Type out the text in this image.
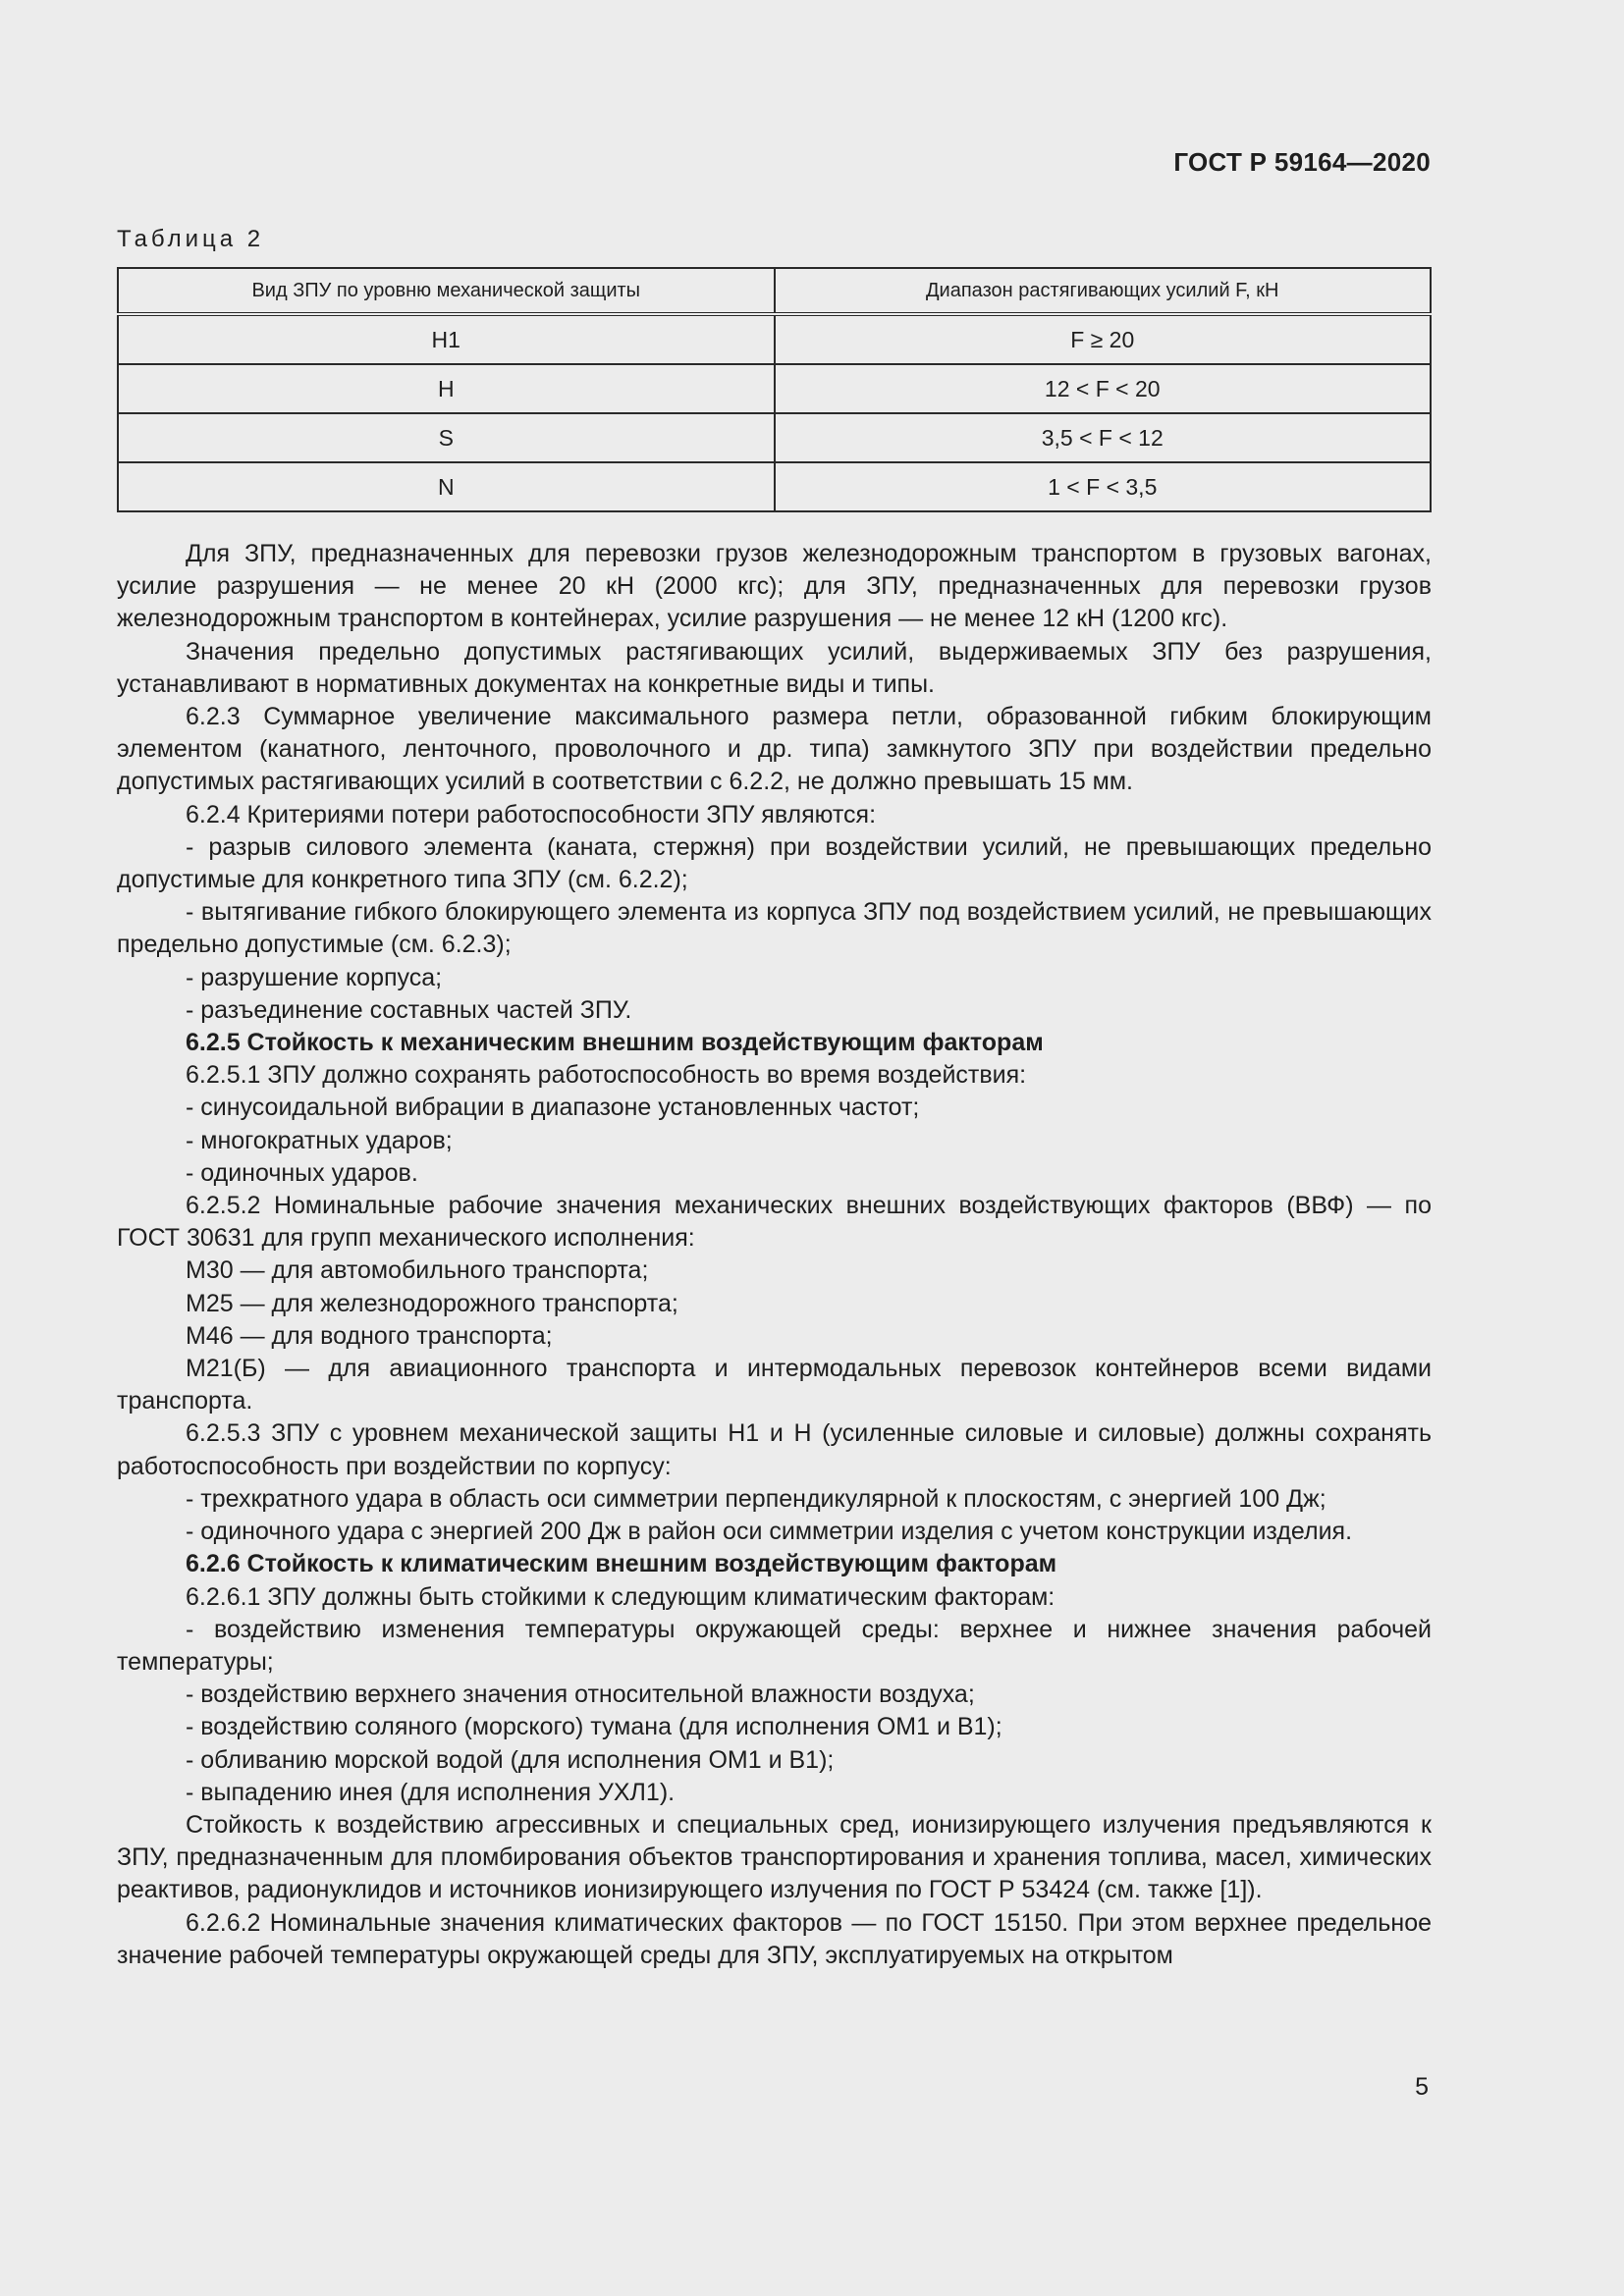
ГОСТ Р 59164—2020
Таблица 2
Вид ЗПУ по уровню механической защиты	Диапазон растягивающих усилий F, кН
Н1	F ≥ 20
Н	12 < F < 20
S	3,5 < F < 12
N	1 < F < 3,5

Для ЗПУ, предназначенных для перевозки грузов железнодорожным транспортом в грузовых вагонах, усилие разрушения — не менее 20 кН (2000 кгс); для ЗПУ, предназначенных для перевозки грузов железнодорожным транспортом в контейнерах, усилие разрушения — не менее 12 кН (1200 кгс).

Значения предельно допустимых растягивающих усилий, выдерживаемых ЗПУ без разрушения, устанавливают в нормативных документах на конкретные виды и типы.

6.2.3 Суммарное увеличение максимального размера петли, образованной гибким блокирующим элементом (канатного, ленточного, проволочного и др. типа) замкнутого ЗПУ при воздействии предельно допустимых растягивающих усилий в соответствии с 6.2.2, не должно превышать 15 мм.

6.2.4 Критериями потери работоспособности ЗПУ являются:

- разрыв силового элемента (каната, стержня) при воздействии усилий, не превышающих предельно допустимые для конкретного типа ЗПУ (см. 6.2.2);

- вытягивание гибкого блокирующего элемента из корпуса ЗПУ под воздействием усилий, не превышающих предельно допустимые (см. 6.2.3);

- разрушение корпуса;

- разъединение составных частей ЗПУ.

6.2.5 Стойкость к механическим внешним воздействующим факторам

6.2.5.1 ЗПУ должно сохранять работоспособность во время воздействия:

- синусоидальной вибрации в диапазоне установленных частот;

- многократных ударов;

- одиночных ударов.

6.2.5.2 Номинальные рабочие значения механических внешних воздействующих факторов (ВВФ) — по ГОСТ 30631 для групп механического исполнения:

М30 — для автомобильного транспорта;

М25 — для железнодорожного транспорта;

М46 — для водного транспорта;

М21(Б) — для авиационного транспорта и интермодальных перевозок контейнеров всеми видами транспорта.

6.2.5.3 ЗПУ с уровнем механической защиты Н1 и Н (усиленные силовые и силовые) должны сохранять работоспособность при воздействии по корпусу:

- трехкратного удара в область оси симметрии перпендикулярной к плоскостям, с энергией 100 Дж;

- одиночного удара с энергией 200 Дж в район оси симметрии изделия с учетом конструкции изделия.

6.2.6 Стойкость к климатическим внешним воздействующим факторам

6.2.6.1 ЗПУ должны быть стойкими к следующим климатическим факторам:

- воздействию изменения температуры окружающей среды: верхнее и нижнее значения рабочей температуры;

- воздействию верхнего значения относительной влажности воздуха;

- воздействию соляного (морского) тумана (для исполнения ОМ1 и В1);

- обливанию морской водой (для исполнения ОМ1 и В1);

- выпадению инея (для исполнения УХЛ1).

Стойкость к воздействию агрессивных и специальных сред, ионизирующего излучения предъявляются к ЗПУ, предназначенным для пломбирования объектов транспортирования и хранения топлива, масел, химических реактивов, радионуклидов и источников ионизирующего излучения по ГОСТ Р 53424 (см. также [1]).

6.2.6.2 Номинальные значения климатических факторов — по ГОСТ 15150. При этом верхнее предельное значение рабочей температуры окружающей среды для ЗПУ, эксплуатируемых на открытом

5
